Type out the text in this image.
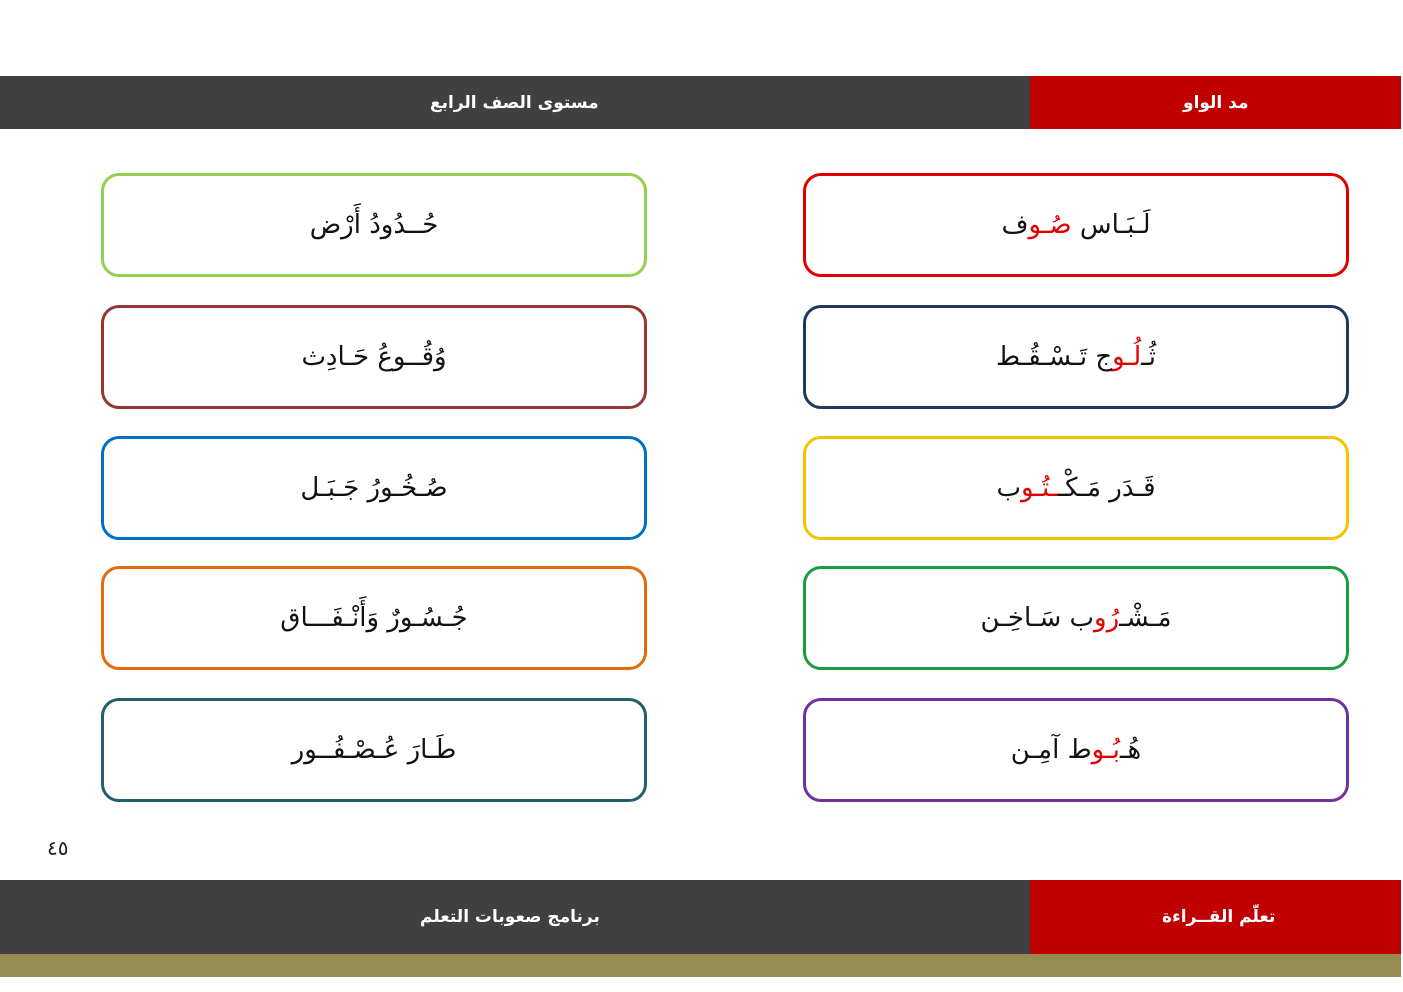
مستوى الصف الرابع	مد الواو
لَـبَـاس
صُـو
ف
ثُـ
لُـو
ج تَـسْـقُـط
قَـدَر مَـكْـ
ـتُـو
ب
مَـشْـ
رُو
ب سَـاخِـن
هُـ
بُـو
ط آمِـن
حُــدُودُ أَرْض
وُقُــوعُ حَـادِث
صُـخُـورُ جَـبَـل
جُـسُـورٌ وَأَنْـفَـــاق
طَـارَ عُـصْـفُــور
٤٥
برنامج صعوبات التعلم	تعلّم القــراءة
